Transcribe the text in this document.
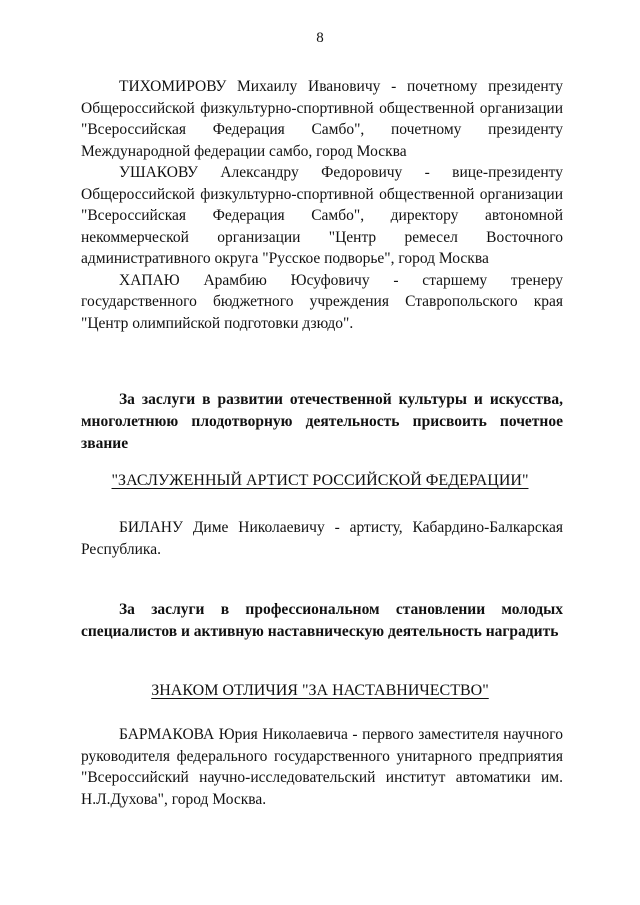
8

ТИХОМИРОВУ Михаилу Ивановичу - почетному президенту Общероссийской физкультурно-спортивной общественной организации "Всероссийская Федерация Самбо", почетному президенту Международной федерации самбо, город Москва

УШАКОВУ Александру Федоровичу - вице-президенту Общероссийской физкультурно-спортивной общественной организации "Всероссийская Федерация Самбо", директору автономной некоммерческой организации "Центр ремесел Восточного административного округа "Русское подворье", город Москва

ХАПАЮ Арамбию Юсуфовичу - старшему тренеру государственного бюджетного учреждения Ставропольского края "Центр олимпийской подготовки дзюдо".

За заслуги в развитии отечественной культуры и искусства, многолетнюю плодотворную деятельность присвоить почетное звание

"ЗАСЛУЖЕННЫЙ АРТИСТ РОССИЙСКОЙ ФЕДЕРАЦИИ"

БИЛАНУ Диме Николаевичу - артисту, Кабардино-Балкарская Республика.

За заслуги в профессиональном становлении молодых специалистов и активную наставническую деятельность наградить

ЗНАКОМ ОТЛИЧИЯ "ЗА НАСТАВНИЧЕСТВО"

БАРМАКОВА Юрия Николаевича - первого заместителя научного руководителя федерального государственного унитарного предприятия "Всероссийский научно-исследовательский институт автоматики им. Н.Л.Духова", город Москва.
